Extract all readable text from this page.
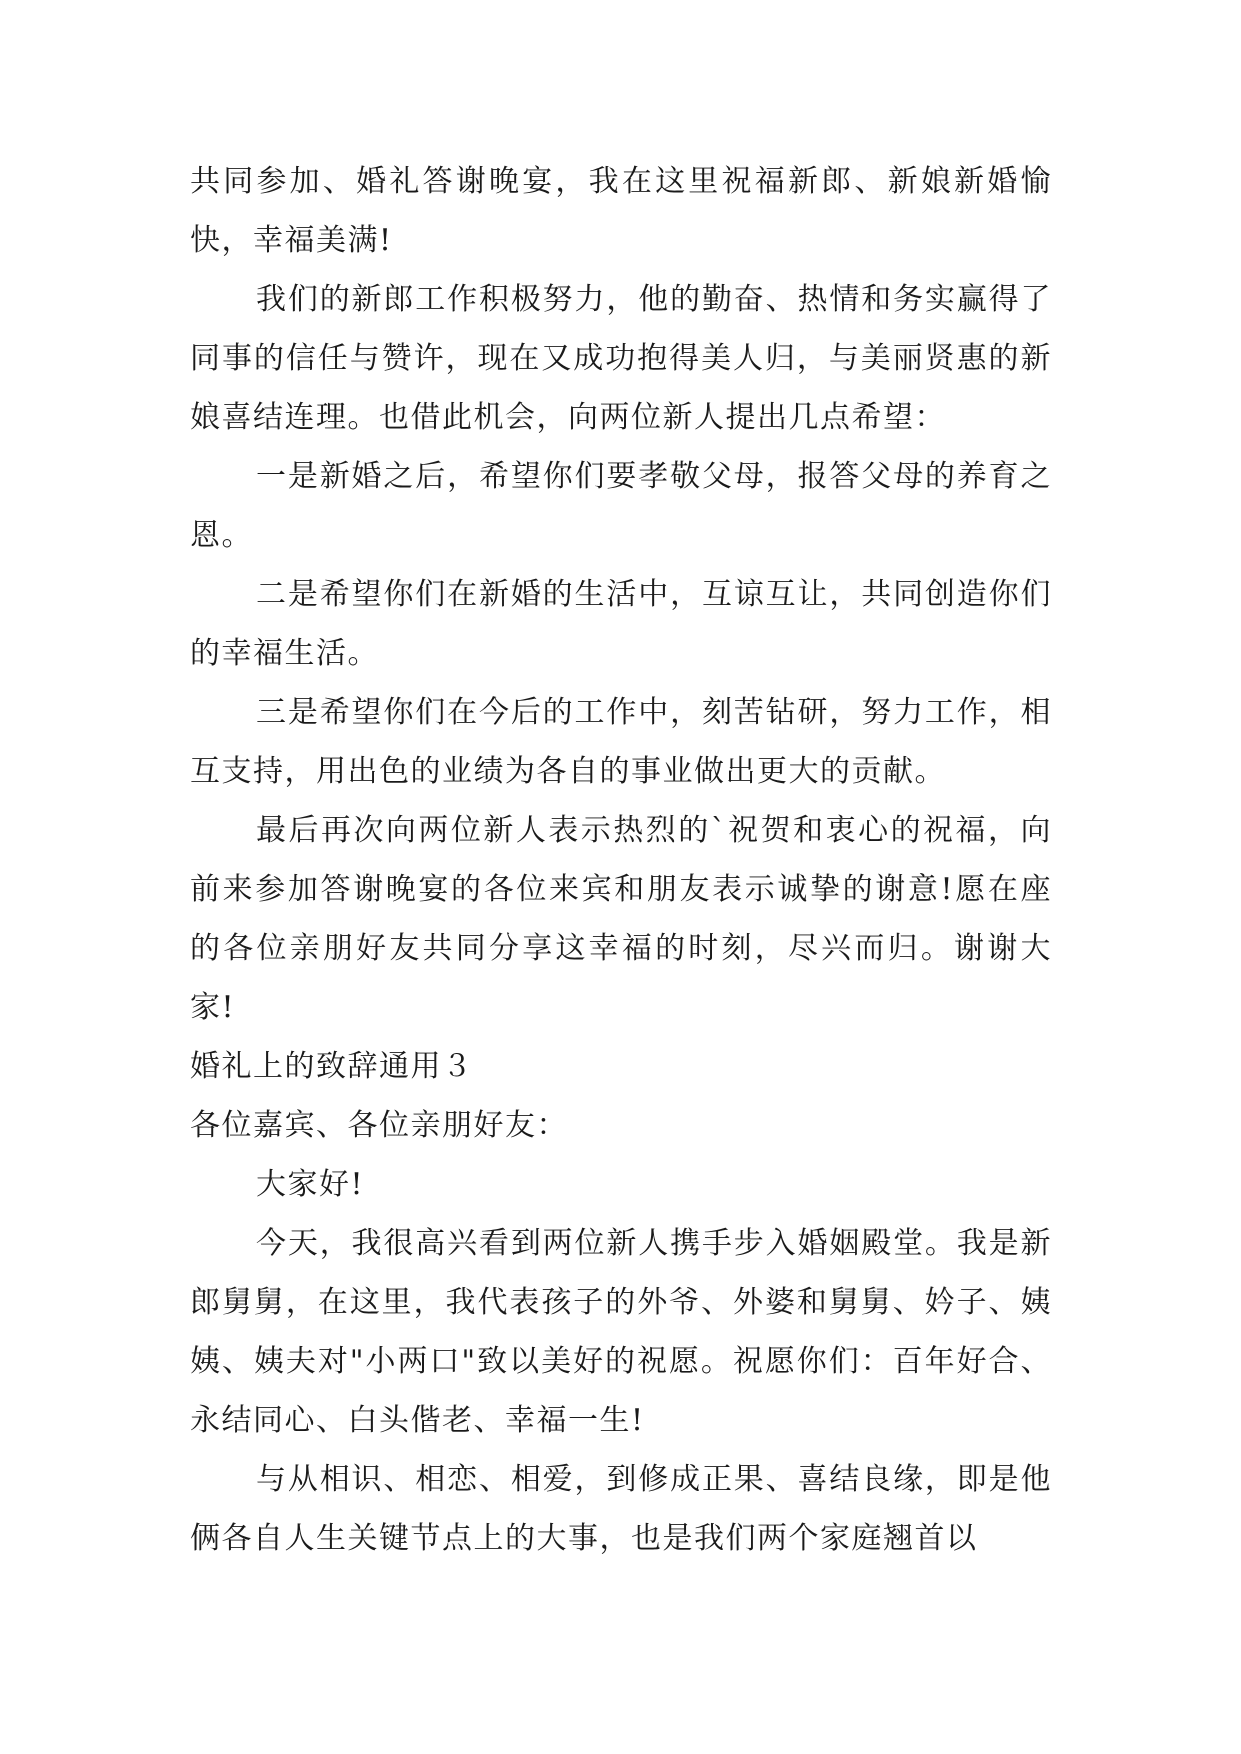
共同参加、婚礼答谢晚宴，我在这里祝福新郎、新娘新婚愉快，幸福美满!

我们的新郎工作积极努力，他的勤奋、热情和务实赢得了同事的信任与赞许，现在又成功抱得美人归，与美丽贤惠的新娘喜结连理。也借此机会，向两位新人提出几点希望：

一是新婚之后，希望你们要孝敬父母，报答父母的养育之恩。

二是希望你们在新婚的生活中，互谅互让，共同创造你们的幸福生活。

三是希望你们在今后的工作中，刻苦钻研，努力工作，相互支持，用出色的业绩为各自的事业做出更大的贡献。

最后再次向两位新人表示热烈的`祝贺和衷心的祝福，向前来参加答谢晚宴的各位来宾和朋友表示诚挚的谢意!愿在座的各位亲朋好友共同分享这幸福的时刻，尽兴而归。谢谢大家!

婚礼上的致辞通用３

各位嘉宾、各位亲朋好友：

大家好!

今天，我很高兴看到两位新人携手步入婚姻殿堂。我是新郎舅舅，在这里，我代表孩子的外爷、外婆和舅舅、妗子、姨姨、姨夫对"小两口"致以美好的祝愿。祝愿你们：百年好合、永结同心、白头偕老、幸福一生!

与从相识、相恋、相爱，到修成正果、喜结良缘，即是他俩各自人生关键节点上的大事，也是我们两个家庭翘首以
